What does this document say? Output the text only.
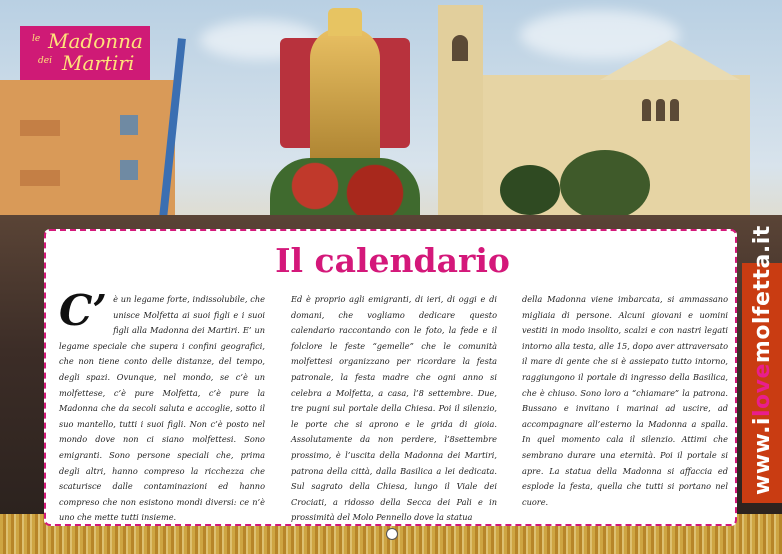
le Madonna
dei Martiri
Il calendario
C’ è un legame forte, indissolubile, che unisce Molfetta ai suoi figli e i suoi figli alla Madonna dei Martiri. E’ un legame speciale che supera i confini geografici, che non tiene conto delle distanze, del tempo, degli spazi. Ovunque, nel mondo, se c’è un molfettese, c’è pure Molfetta, c’è pure la Madonna che da secoli saluta e accoglie, sotto il suo mantello, tutti i suoi figli. Non c’è posto nel mondo dove non ci siano molfettesi. Sono emigranti. Sono persone speciali che, prima degli altri, hanno compreso la ricchezza che scaturisce dalle contaminazioni ed hanno compreso che non esistono mondi diversi: ce n’è uno che mette tutti insieme.
Ed è proprio agli emigranti, di ieri, di oggi e di domani, che vogliamo dedicare questo calendario raccontando con le foto, la fede e il folclore le feste “gemelle” che le comunità molfettesi organizzano per ricordare la festa patronale, la festa madre che ogni anno si celebra a Molfetta, a casa, l’8 settembre. Due, tre pugni sul portale della Chiesa. Poi il silenzio, le porte che si aprono e le grida di gioia. Assolutamente da non perdere, l’8settembre prossimo, è l’uscita della Madonna dei Martiri, patrona della città, dalla Basilica a lei dedicata. Sul sagrato della Chiesa, lungo il Viale dei Crociati, a ridosso della Secca dei Pali e in prossimità del Molo Pennello dove la statua
della Madonna viene imbarcata, si ammassano migliaia di persone. Alcuni giovani e uomini vestiti in modo insolito, scalzi e con nastri legati intorno alla testa, alle 15, dopo aver attraversato il mare di gente che si è assiepato tutto intorno, raggiungono il portale di ingresso della Basilica, che è chiuso. Sono loro a “chiamare” la patrona. Bussano e invitano i marinai ad uscire, ad accompagnare all’esterno la Madonna a spalla. In quel momento cala il silenzio. Attimi che sembrano durare una eternità. Poi il portale si apre. La statua della Madonna si affaccia ed esplode la festa, quella che tutti si portano nel cuore.
www.ilovemolfetta.it
